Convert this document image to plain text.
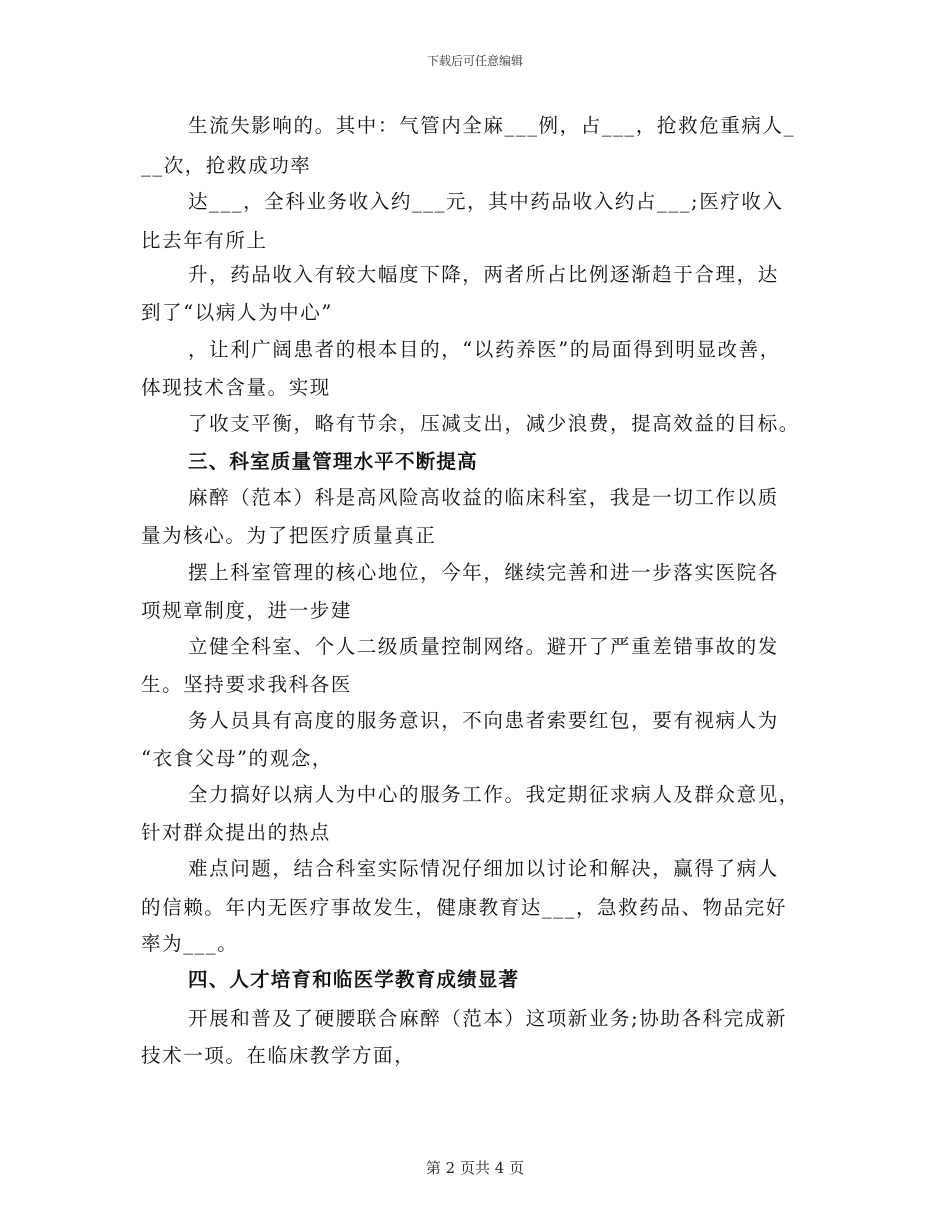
下载后可任意编辑
生流失影响的。其中：气管内全麻___例，占___，抢救危重病人_
__次，抢救成功率
达___，全科业务收入约___元，其中药品收入约占___;医疗收入
比去年有所上
升，药品收入有较大幅度下降，两者所占比例逐渐趋于合理，达
到了“以病人为中心”
，让利广阔患者的根本目的，“以药养医”的局面得到明显改善，
体现技术含量。实现
了收支平衡，略有节余，压减支出，减少浪费，提高效益的目标。
三、科室质量管理水平不断提高
麻醉（范本）科是高风险高收益的临床科室，我是一切工作以质
量为核心。为了把医疗质量真正
摆上科室管理的核心地位，今年，继续完善和进一步落实医院各
项规章制度，进一步建
立健全科室、个人二级质量控制网络。避开了严重差错事故的发
生。坚持要求我科各医
务人员具有高度的服务意识，不向患者索要红包，要有视病人为
“衣食父母”的观念，
全力搞好以病人为中心的服务工作。我定期征求病人及群众意见，
针对群众提出的热点
难点问题，结合科室实际情况仔细加以讨论和解决，赢得了病人
的信赖。年内无医疗事故发生，健康教育达___，急救药品、物品完好
率为___。
四、人才培育和临医学教育成绩显著
开展和普及了硬腰联合麻醉（范本）这项新业务;协助各科完成新
技术一项。在临床教学方面，
第 2 页共 4 页
